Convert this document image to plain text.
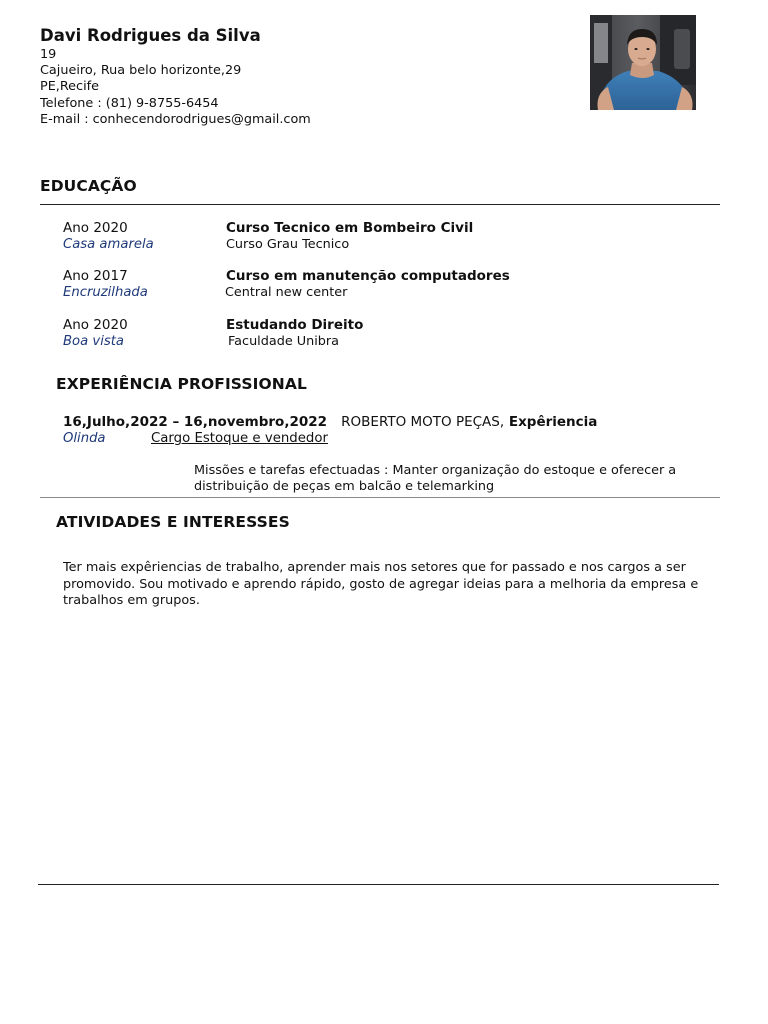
Davi Rodrigues da Silva
19
Cajueiro, Rua belo horizonte,29
PE,Recife
Telefone : (81) 9-8755-6454
E-mail : conhecendorodrigues@gmail.com
EDUCAÇÃO
Ano 2020	Curso Tecnico em Bombeiro Civil
Casa amarela	Curso Grau Tecnico
Ano 2017	Curso em manutenção computadores
Encruzilhada	Central new center
Ano 2020	Estudando Direito
Boa vista	Faculdade Unibra
EXPERIÊNCIA PROFISSIONAL
16,Julho,2022 – 16,novembro,2022 ROBERTO MOTO PEÇAS, Expêriencia
Olinda	Cargo Estoque e vendedor
Missões e tarefas efectuadas : Manter organização do estoque e oferecer a distribuição de peças em balcão e telemarking
ATIVIDADES E INTERESSES
Ter mais expêriencias de trabalho, aprender mais nos setores que for passado e nos cargos a ser promovido. Sou motivado e aprendo rápido, gosto de agregar ideias para a melhoria da empresa e trabalhos em grupos.
